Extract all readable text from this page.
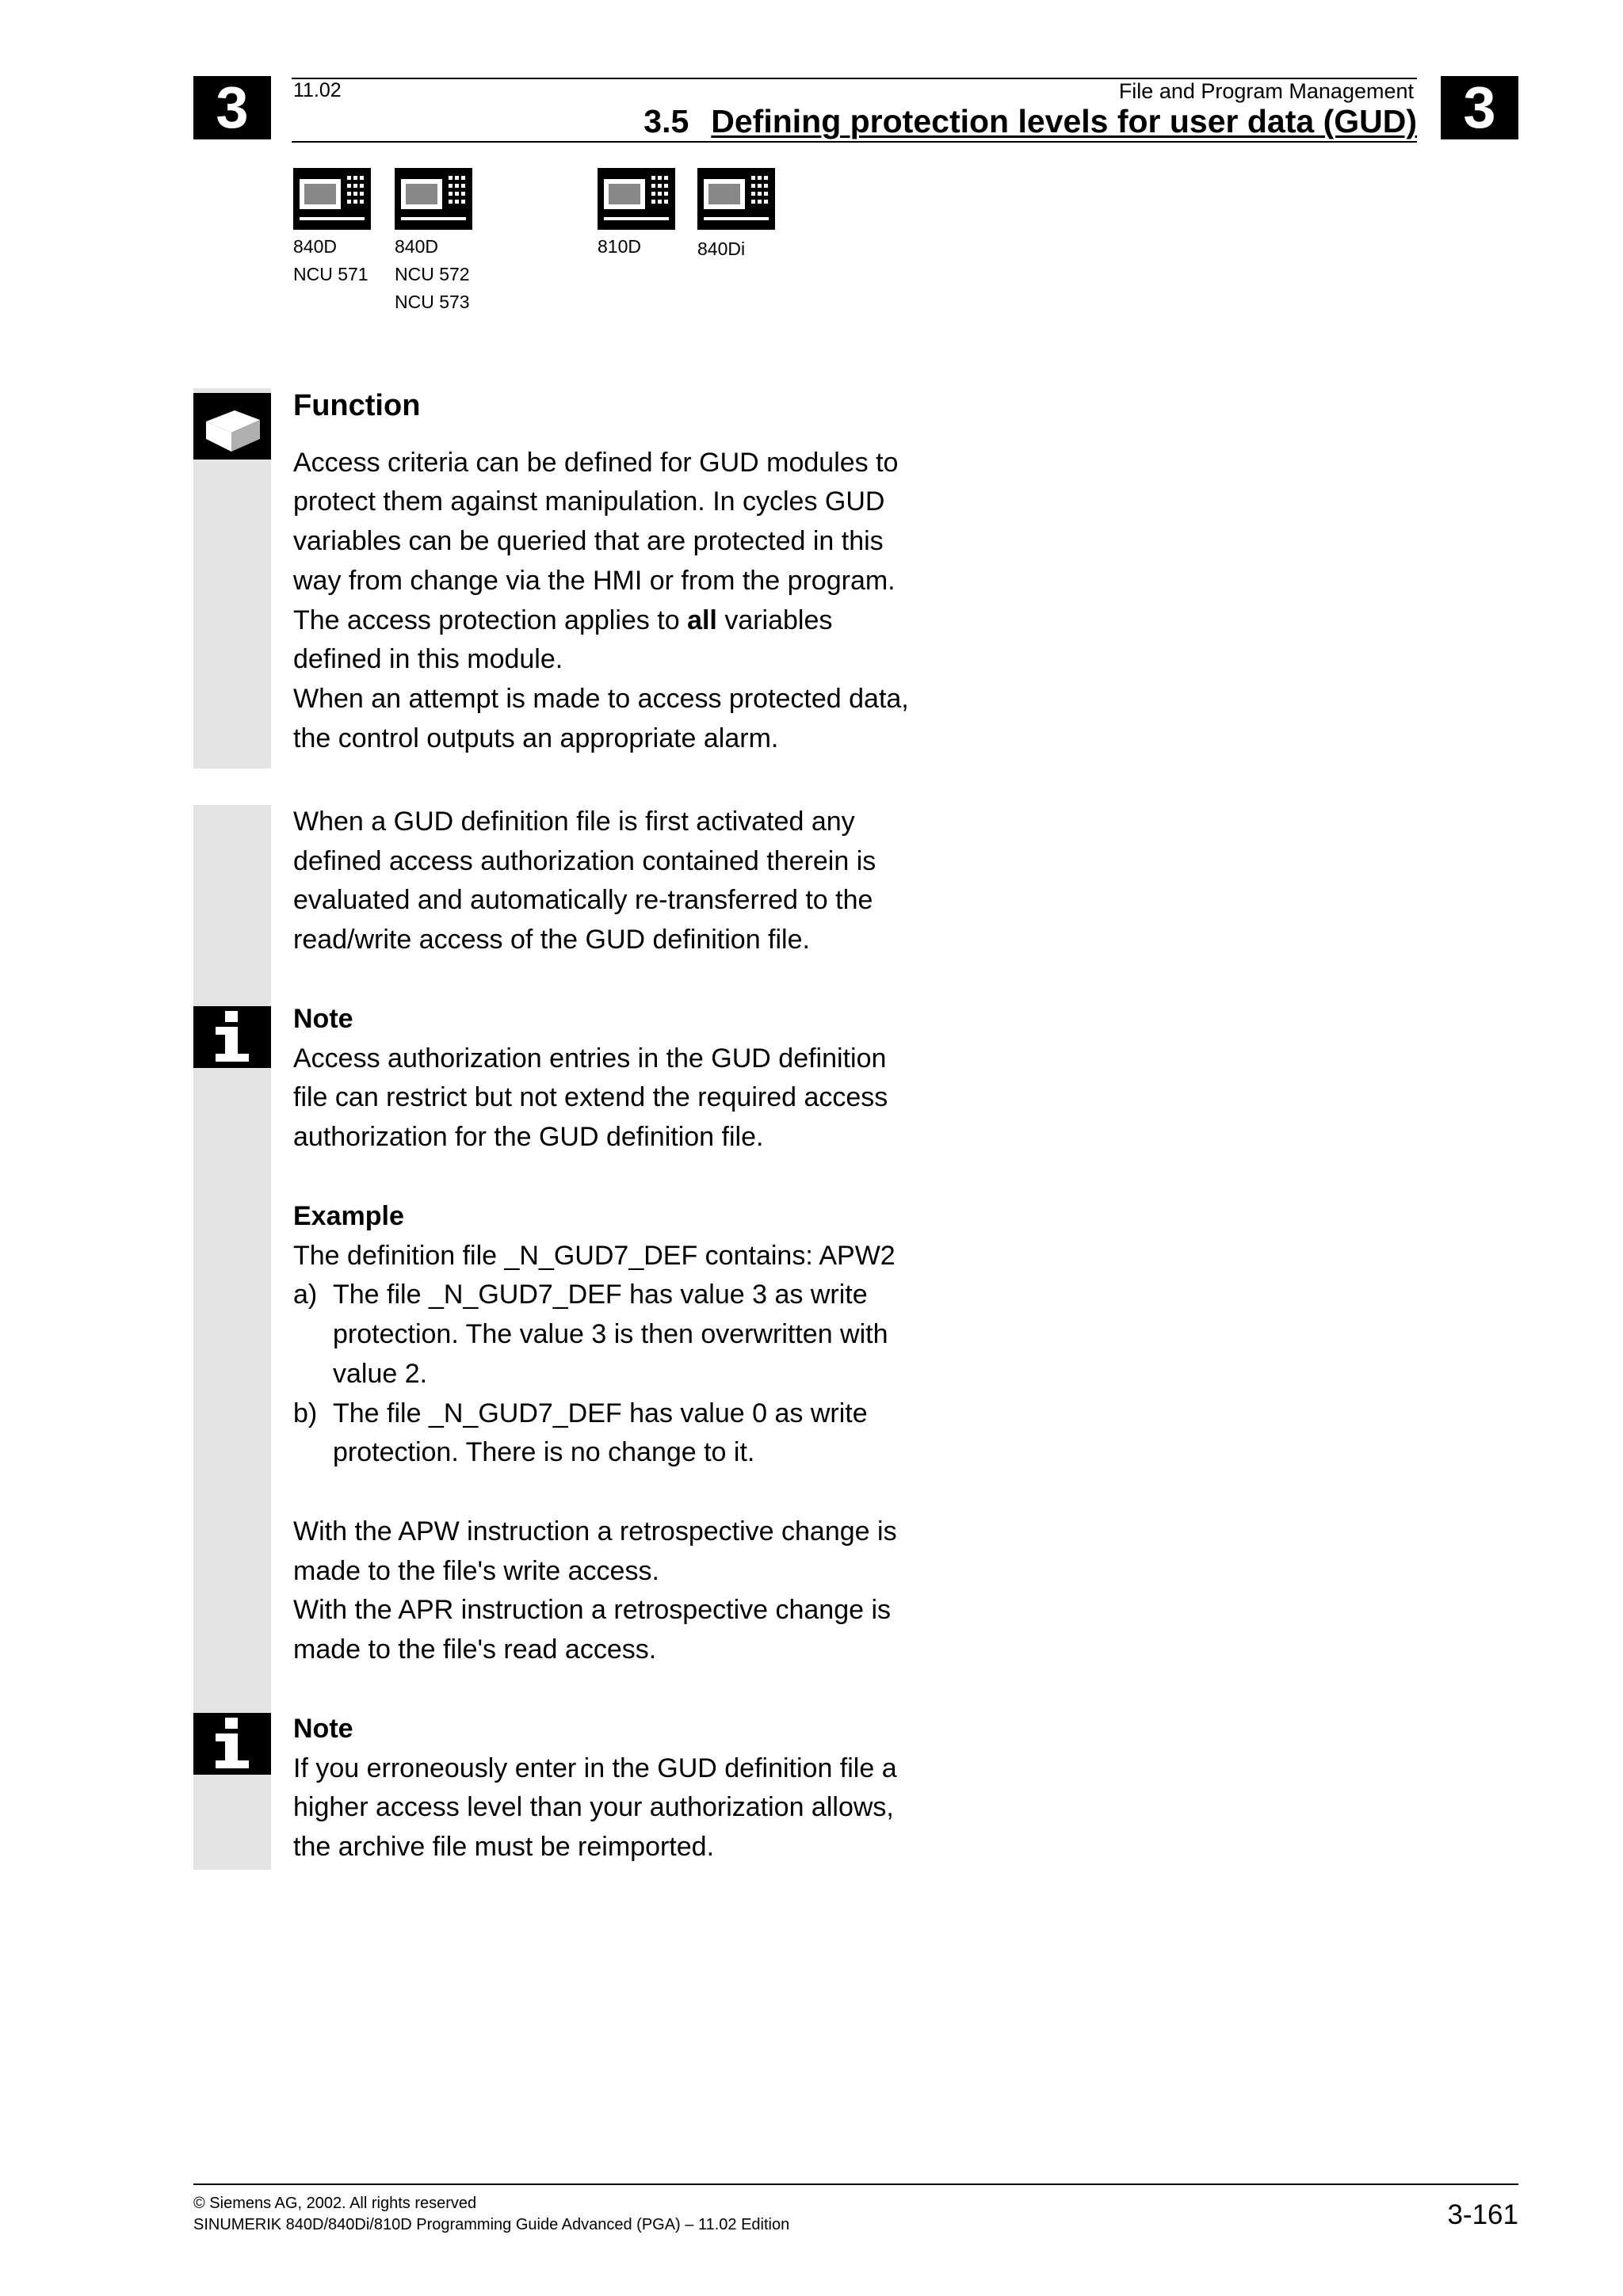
3	3
11.02	File and Program Management
3.5 Defining protection levels for user data (GUD)
840D
NCU 571
840D
NCU 572
NCU 573
810D	840Di

Function

Access criteria can be defined for GUD modules to

protect them against manipulation. In cycles GUD

variables can be queried that are protected in this

way from change via the HMI or from the program.

The access protection applies to all variables

defined in this module.

When an attempt is made to access protected data,

the control outputs an appropriate alarm.

When a GUD definition file is first activated any

defined access authorization contained therein is

evaluated and automatically re-transferred to the

read/write access of the GUD definition file.

Note

Access authorization entries in the GUD definition

file can restrict but not extend the required access

authorization for the GUD definition file.

Example

The definition file _N_GUD7_DEF contains: APW2

a) The file _N_GUD7_DEF has value 3 as write

protection. The value 3 is then overwritten with

value 2.

b) The file _N_GUD7_DEF has value 0 as write

protection. There is no change to it.

With the APW instruction a retrospective change is

made to the file's write access.

With the APR instruction a retrospective change is

made to the file's read access.

Note

If you erroneously enter in the GUD definition file a

higher access level than your authorization allows,

the archive file must be reimported.

© Siemens AG, 2002. All rights reserved
SINUMERIK 840D/840Di/810D Programming Guide Advanced (PGA) – 11.02 Edition	3-161
